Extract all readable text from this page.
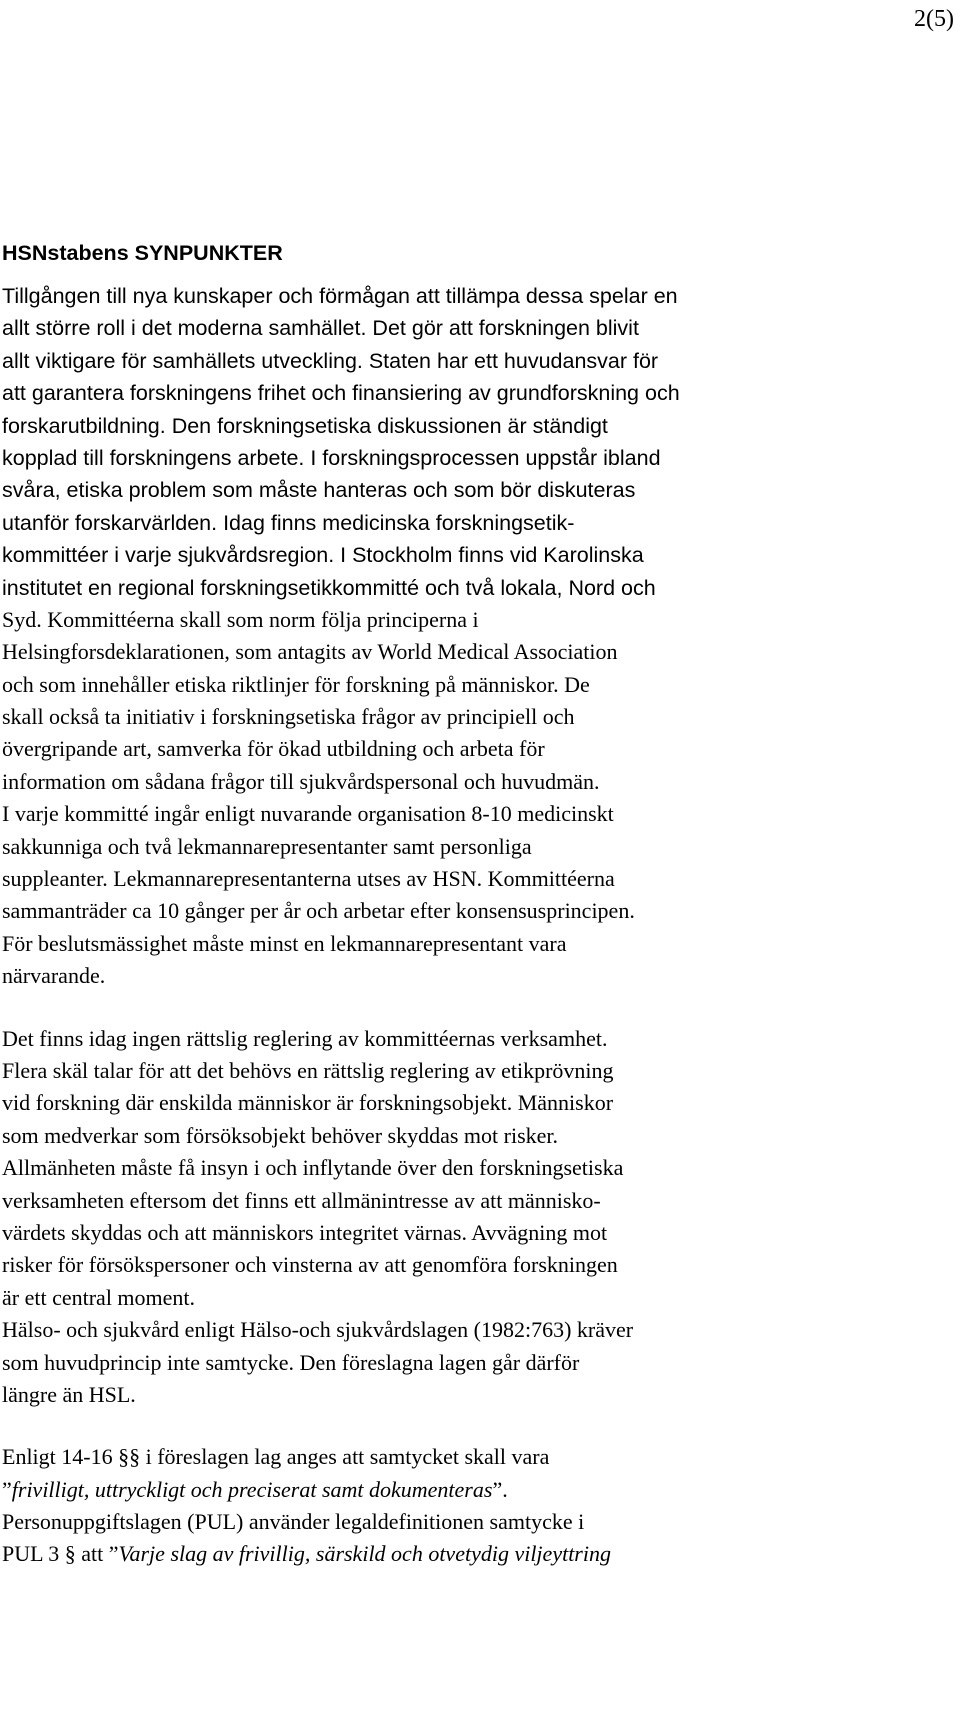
2(5)
HSNstabens SYNPUNKTER
Tillgången till nya kunskaper och förmågan att tillämpa dessa spelar en
allt större roll i det moderna samhället. Det gör att forskningen blivit
allt viktigare för samhällets utveckling. Staten har ett huvudansvar för
att garantera forskningens frihet och finansiering av grundforskning och
forskarutbildning. Den forskningsetiska diskussionen är ständigt
kopplad till forskningens arbete. I forskningsprocessen uppstår ibland
svåra, etiska problem som måste hanteras och som bör diskuteras
utanför forskarvärlden. Idag finns medicinska forskningsetik-
kommittéer i varje sjukvårdsregion. I Stockholm finns vid Karolinska
institutet en regional forskningsetikkommitté och två lokala, Nord och
Syd. Kommittéerna skall som norm följa principerna i
Helsingforsdeklarationen, som antagits av World Medical Association
och som innehåller etiska riktlinjer för forskning på människor. De
skall också ta initiativ i forskningsetiska frågor av principiell och
övergripande art, samverka för ökad utbildning och arbeta för
information om sådana frågor till sjukvårdspersonal och huvudmän.
I varje kommitté ingår enligt nuvarande organisation 8-10 medicinskt
sakkunniga och två lekmannarepresentanter samt personliga
suppleanter. Lekmannarepresentanterna utses av HSN. Kommittéerna
sammanträder ca 10 gånger per år och arbetar efter konsensusprincipen.
För beslutsmässighet måste minst en lekmannarepresentant vara
närvarande.
Det finns idag ingen rättslig reglering av kommittéernas verksamhet.
Flera skäl talar för att det behövs en rättslig reglering av etikprövning
vid forskning där enskilda människor är forskningsobjekt. Människor
som medverkar som försöksobjekt behöver skyddas mot risker.
Allmänheten måste få insyn i och inflytande över den forskningsetiska
verksamheten eftersom det finns ett allmänintresse av att människo-
värdets skyddas och att människors integritet värnas. Avvägning mot
risker för försökspersoner och vinsterna av att genomföra forskningen
är ett central moment.
Hälso- och sjukvård enligt Hälso-och sjukvårdslagen (1982:763) kräver
som huvudprincip inte samtycke. Den föreslagna lagen går därför
längre än HSL.
Enligt 14-16 §§ i föreslagen lag anges att samtycket skall vara
”frivilligt, uttryckligt och preciserat samt dokumenteras”.
Personuppgiftslagen (PUL) använder legaldefinitionen samtycke i
PUL 3 § att ”Varje slag av frivillig, särskild och otvetydig viljeyttring
